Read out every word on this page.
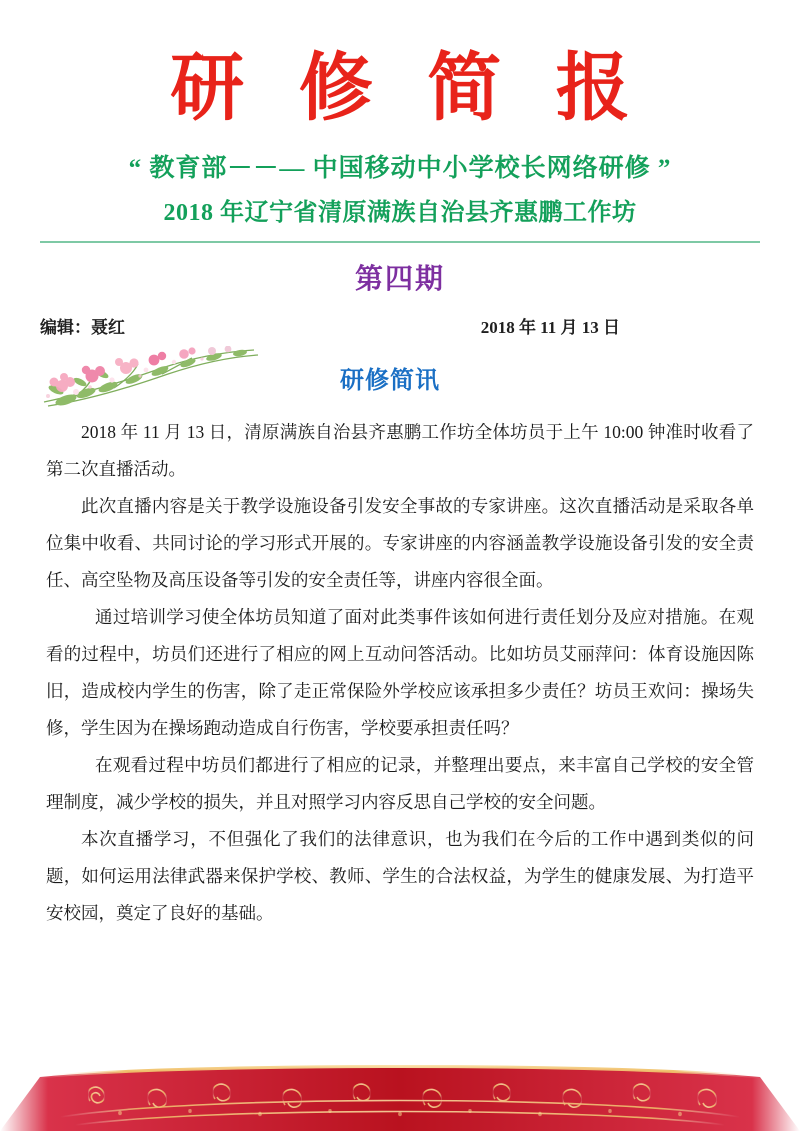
研 修 简 报
“ 教育部－－— 中国移动中小学校长网络研修 ”
2018 年辽宁省清原满族自治县齐惠鹏工作坊
第四期
编辑：聂红	2018 年 11 月 13 日
研修简讯

2018 年 11 月 13 日，清原满族自治县齐惠鹏工作坊全体坊员于上午 10:00 钟准时收看了第二次直播活动。

此次直播内容是关于教学设施设备引发安全事故的专家讲座。这次直播活动是采取各单位集中收看、共同讨论的学习形式开展的。专家讲座的内容涵盖教学设施设备引发的安全责任、高空坠物及高压设备等引发的安全责任等，讲座内容很全面。

通过培训学习使全体坊员知道了面对此类事件该如何进行责任划分及应对措施。在观看的过程中，坊员们还进行了相应的网上互动问答活动。比如坊员艾丽萍问：体育设施因陈旧，造成校内学生的伤害，除了走正常保险外学校应该承担多少责任？坊员王欢问：操场失修，学生因为在操场跑动造成自行伤害，学校要承担责任吗？

在观看过程中坊员们都进行了相应的记录，并整理出要点，来丰富自己学校的安全管理制度，减少学校的损失，并且对照学习内容反思自己学校的安全问题。

本次直播学习，不但强化了我们的法律意识，也为我们在今后的工作中遇到类似的问题，如何运用法律武器来保护学校、教师、学生的合法权益，为学生的健康发展、为打造平安校园，奠定了良好的基础。
